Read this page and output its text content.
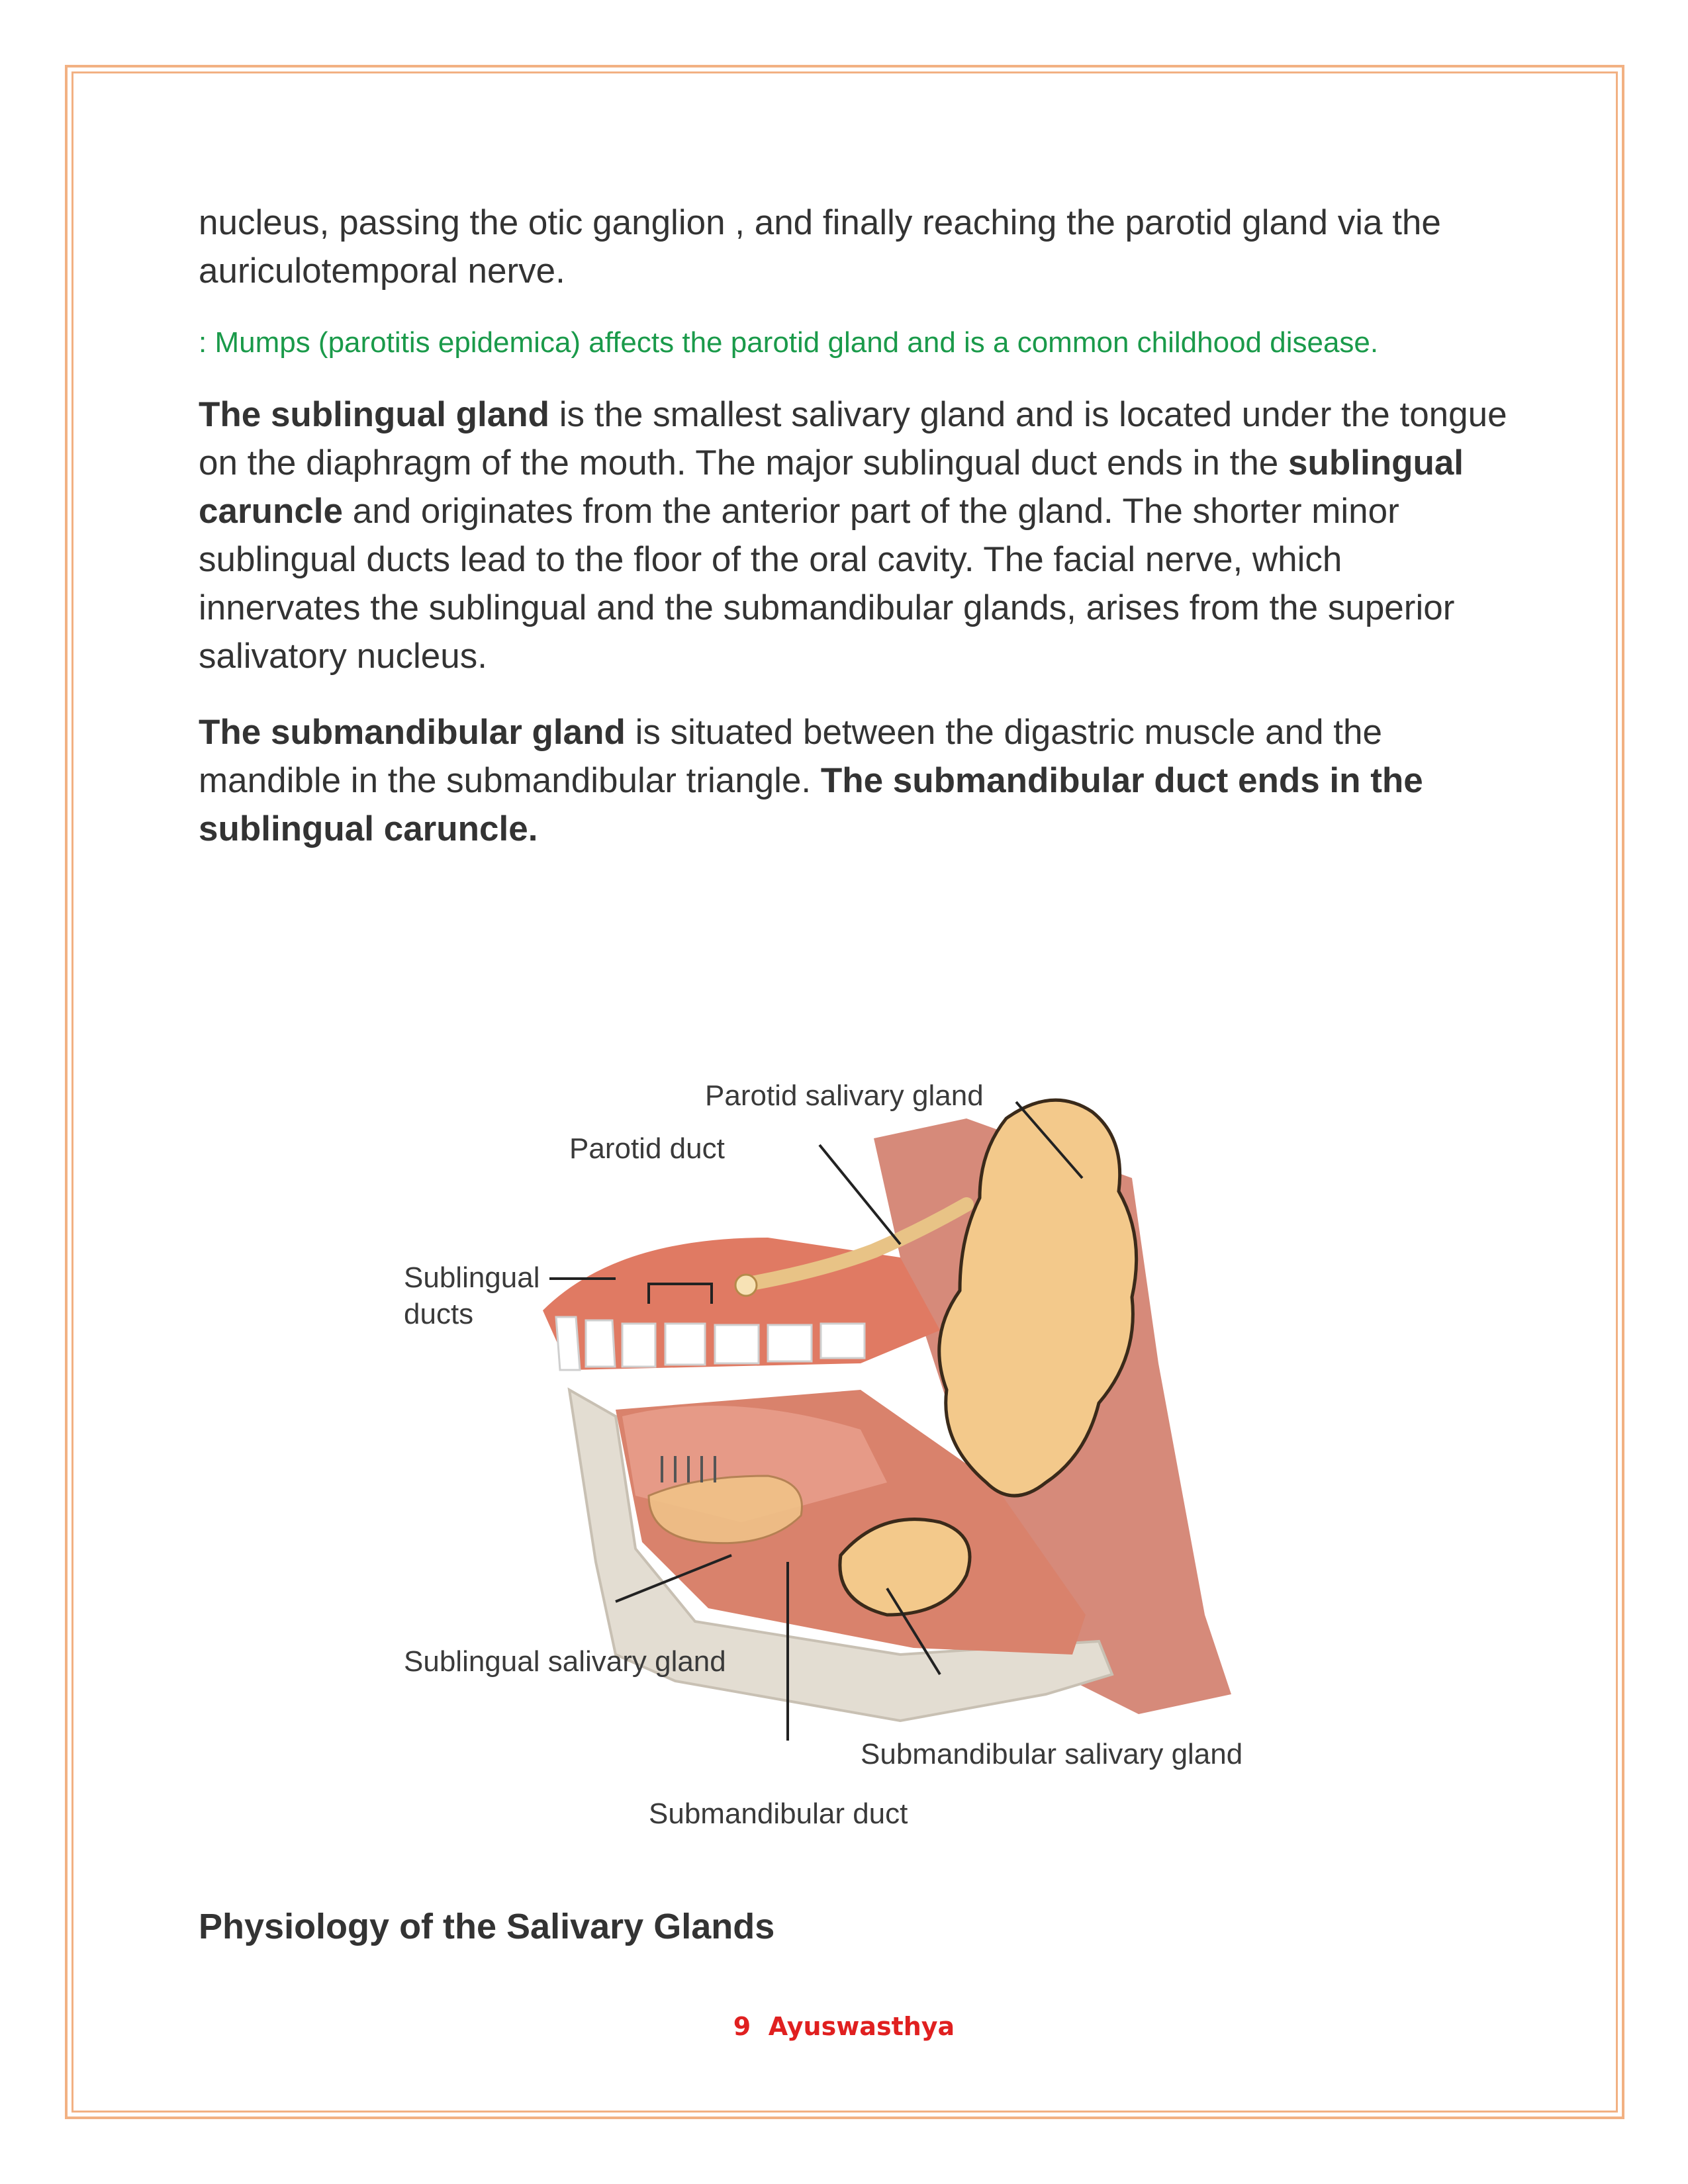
nucleus, passing the otic ganglion , and finally reaching the parotid gland via the auriculotemporal nerve.

: Mumps (parotitis epidemica) affects the parotid gland and is a common childhood disease.

The sublingual gland is the smallest salivary gland and is located under the tongue on the diaphragm of the mouth. The major sublingual duct ends in the sublingual caruncle and originates from the anterior part of the gland. The shorter minor sublingual ducts lead to the floor of the oral cavity. The facial nerve, which innervates the sublingual and the submandibular glands, arises from the superior salivatory nucleus.

The submandibular gland is situated between the digastric muscle and the mandible in the submandibular triangle. The submandibular duct ends in the sublingual caruncle.

Parotid salivary gland
Parotid duct
Sublingual
ducts
Sublingual salivary gland
Submandibular salivary gland
Submandibular duct
Physiology of the Salivary Glands
9 Ayuswasthya
